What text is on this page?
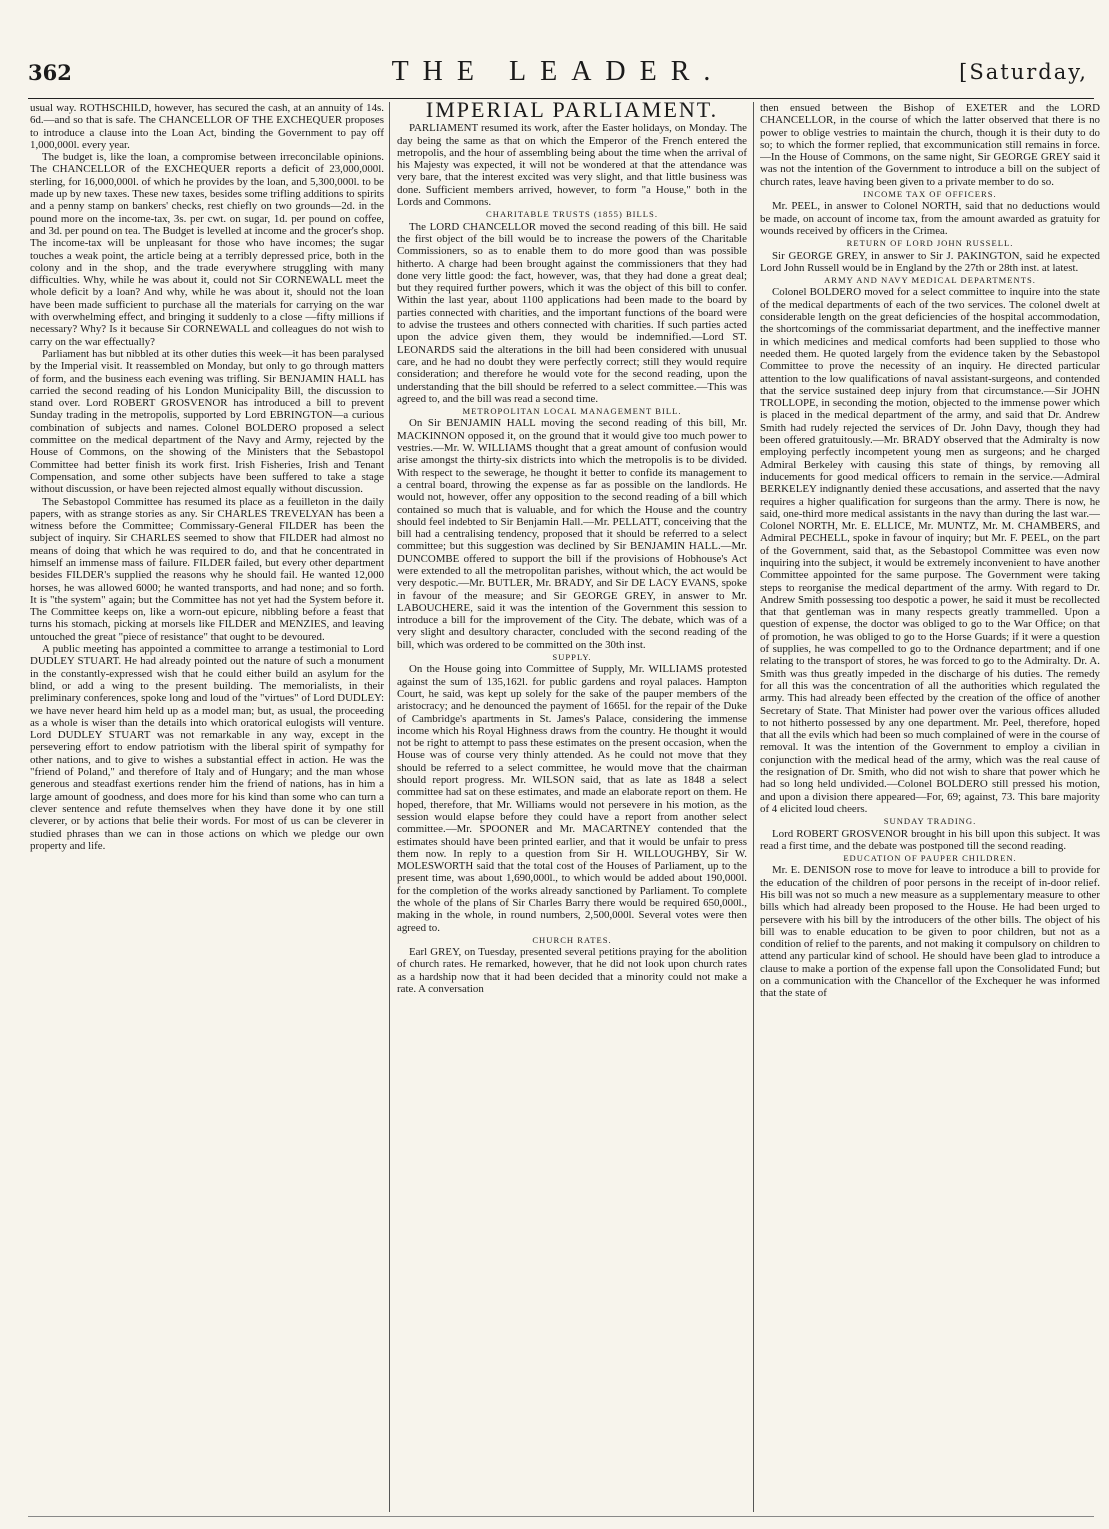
362	THE LEADER.	[Saturday,

usual way. ROTHSCHILD, however, has secured the cash, at an annuity of 14s. 6d.—and so that is safe. The CHANCELLOR OF THE EXCHEQUER proposes to introduce a clause into the Loan Act, binding the Government to pay off 1,000,000l. every year.

The budget is, like the loan, a compromise between irreconcilable opinions. The CHANCELLOR of the EXCHEQUER reports a deficit of 23,000,000l. sterling, for 16,000,000l. of which he provides by the loan, and 5,300,000l. to be made up by new taxes. These new taxes, besides some trifling additions to spirits and a penny stamp on bankers' checks, rest chiefly on two grounds—2d. in the pound more on the income-tax, 3s. per cwt. on sugar, 1d. per pound on coffee, and 3d. per pound on tea. The Budget is levelled at income and the grocer's shop. The income-tax will be unpleasant for those who have incomes; the sugar touches a weak point, the article being at a terribly depressed price, both in the colony and in the shop, and the trade everywhere struggling with many difficulties. Why, while he was about it, could not Sir CORNEWALL meet the whole deficit by a loan? And why, while he was about it, should not the loan have been made sufficient to purchase all the materials for carrying on the war with overwhelming effect, and bringing it suddenly to a close —fifty millions if necessary? Why? Is it because Sir CORNEWALL and colleagues do not wish to carry on the war effectually?

Parliament has but nibbled at its other duties this week—it has been paralysed by the Imperial visit. It reassembled on Monday, but only to go through matters of form, and the business each evening was trifling. Sir BENJAMIN HALL has carried the second reading of his London Municipality Bill, the discussion to stand over. Lord ROBERT GROSVENOR has introduced a bill to prevent Sunday trading in the metropolis, supported by Lord EBRINGTON—a curious combination of subjects and names. Colonel BOLDERO proposed a select committee on the medical department of the Navy and Army, rejected by the House of Commons, on the showing of the Ministers that the Sebastopol Committee had better finish its work first. Irish Fisheries, Irish and Tenant Compensation, and some other subjects have been suffered to take a stage without discussion, or have been rejected almost equally without discussion.

The Sebastopol Committee has resumed its place as a feuilleton in the daily papers, with as strange stories as any. Sir CHARLES TREVELYAN has been a witness before the Committee; Commissary-General FILDER has been the subject of inquiry. Sir CHARLES seemed to show that FILDER had almost no means of doing that which he was required to do, and that he concentrated in himself an immense mass of failure. FILDER failed, but every other department besides FILDER's supplied the reasons why he should fail. He wanted 12,000 horses, he was allowed 6000; he wanted transports, and had none; and so forth. It is "the system" again; but the Committee has not yet had the System before it. The Committee keeps on, like a worn-out epicure, nibbling before a feast that turns his stomach, picking at morsels like FILDER and MENZIES, and leaving untouched the great "piece of resistance" that ought to be devoured.

A public meeting has appointed a committee to arrange a testimonial to Lord DUDLEY STUART. He had already pointed out the nature of such a monument in the constantly-expressed wish that he could either build an asylum for the blind, or add a wing to the present building. The memorialists, in their preliminary conferences, spoke long and loud of the "virtues" of Lord DUDLEY: we have never heard him held up as a model man; but, as usual, the proceeding as a whole is wiser than the details into which oratorical eulogists will venture. Lord DUDLEY STUART was not remarkable in any way, except in the persevering effort to endow patriotism with the liberal spirit of sympathy for other nations, and to give to wishes a substantial effect in action. He was the "friend of Poland," and therefore of Italy and of Hungary; and the man whose generous and steadfast exertions render him the friend of nations, has in him a large amount of goodness, and does more for his kind than some who can turn a clever sentence and refute themselves when they have done it by one still cleverer, or by actions that belie their words. For most of us can be cleverer in studied phrases than we can in those actions on which we pledge our own property and life.

IMPERIAL PARLIAMENT.

PARLIAMENT resumed its work, after the Easter holidays, on Monday. The day being the same as that on which the Emperor of the French entered the metropolis, and the hour of assembling being about the time when the arrival of his Majesty was expected, it will not be wondered at that the attendance was very bare, that the interest excited was very slight, and that little business was done. Sufficient members arrived, however, to form "a House," both in the Lords and Commons.

CHARITABLE TRUSTS (1855) BILLS.

The LORD CHANCELLOR moved the second reading of this bill. He said the first object of the bill would be to increase the powers of the Charitable Commissioners, so as to enable them to do more good than was possible hitherto. A charge had been brought against the commissioners that they had done very little good: the fact, however, was, that they had done a great deal; but they required further powers, which it was the object of this bill to confer. Within the last year, about 1100 applications had been made to the board by parties connected with charities, and the important functions of the board were to advise the trustees and others connected with charities. If such parties acted upon the advice given them, they would be indemnified.—Lord ST. LEONARDS said the alterations in the bill had been considered with unusual care, and he had no doubt they were perfectly correct; still they would require consideration; and therefore he would vote for the second reading, upon the understanding that the bill should be referred to a select committee.—This was agreed to, and the bill was read a second time.

METROPOLITAN LOCAL MANAGEMENT BILL.

On Sir BENJAMIN HALL moving the second reading of this bill, Mr. MACKINNON opposed it, on the ground that it would give too much power to vestries.—Mr. W. WILLIAMS thought that a great amount of confusion would arise amongst the thirty-six districts into which the metropolis is to be divided. With respect to the sewerage, he thought it better to confide its management to a central board, throwing the expense as far as possible on the landlords. He would not, however, offer any opposition to the second reading of a bill which contained so much that is valuable, and for which the House and the country should feel indebted to Sir Benjamin Hall.—Mr. PELLATT, conceiving that the bill had a centralising tendency, proposed that it should be referred to a select committee; but this suggestion was declined by Sir BENJAMIN HALL.—Mr. DUNCOMBE offered to support the bill if the provisions of Hobhouse's Act were extended to all the metropolitan parishes, without which, the act would be very despotic.—Mr. BUTLER, Mr. BRADY, and Sir DE LACY EVANS, spoke in favour of the measure; and Sir GEORGE GREY, in answer to Mr. LABOUCHERE, said it was the intention of the Government this session to introduce a bill for the improvement of the City. The debate, which was of a very slight and desultory character, concluded with the second reading of the bill, which was ordered to be committed on the 30th inst.

SUPPLY.

On the House going into Committee of Supply, Mr. WILLIAMS protested against the sum of 135,162l. for public gardens and royal palaces. Hampton Court, he said, was kept up solely for the sake of the pauper members of the aristocracy; and he denounced the payment of 1665l. for the repair of the Duke of Cambridge's apartments in St. James's Palace, considering the immense income which his Royal Highness draws from the country. He thought it would not be right to attempt to pass these estimates on the present occasion, when the House was of course very thinly attended. As he could not move that they should be referred to a select committee, he would move that the chairman should report progress. Mr. WILSON said, that as late as 1848 a select committee had sat on these estimates, and made an elaborate report on them. He hoped, therefore, that Mr. Williams would not persevere in his motion, as the session would elapse before they could have a report from another select committee.—Mr. SPOONER and Mr. MACARTNEY contended that the estimates should have been printed earlier, and that it would be unfair to press them now. In reply to a question from Sir H. WILLOUGHBY, Sir W. MOLESWORTH said that the total cost of the Houses of Parliament, up to the present time, was about 1,690,000l., to which would be added about 190,000l. for the completion of the works already sanctioned by Parliament. To complete the whole of the plans of Sir Charles Barry there would be required 650,000l., making in the whole, in round numbers, 2,500,000l. Several votes were then agreed to.

CHURCH RATES.

Earl GREY, on Tuesday, presented several petitions praying for the abolition of church rates. He remarked, however, that he did not look upon church rates as a hardship now that it had been decided that a minority could not make a rate. A conversation

then ensued between the Bishop of EXETER and the LORD CHANCELLOR, in the course of which the latter observed that there is no power to oblige vestries to maintain the church, though it is their duty to do so; to which the former replied, that excommunication still remains in force.—In the House of Commons, on the same night, Sir GEORGE GREY said it was not the intention of the Government to introduce a bill on the subject of church rates, leave having been given to a private member to do so.

INCOME TAX OF OFFICERS.

Mr. PEEL, in answer to Colonel NORTH, said that no deductions would be made, on account of income tax, from the amount awarded as gratuity for wounds received by officers in the Crimea.

RETURN OF LORD JOHN RUSSELL.

Sir GEORGE GREY, in answer to Sir J. PAKINGTON, said he expected Lord John Russell would be in England by the 27th or 28th inst. at latest.

ARMY AND NAVY MEDICAL DEPARTMENTS.

Colonel BOLDERO moved for a select committee to inquire into the state of the medical departments of each of the two services. The colonel dwelt at considerable length on the great deficiencies of the hospital accommodation, the shortcomings of the commissariat department, and the ineffective manner in which medicines and medical comforts had been supplied to those who needed them. He quoted largely from the evidence taken by the Sebastopol Committee to prove the necessity of an inquiry. He directed particular attention to the low qualifications of naval assistant-surgeons, and contended that the service sustained deep injury from that circumstance.—Sir JOHN TROLLOPE, in seconding the motion, objected to the immense power which is placed in the medical department of the army, and said that Dr. Andrew Smith had rudely rejected the services of Dr. John Davy, though they had been offered gratuitously.—Mr. BRADY observed that the Admiralty is now employing perfectly incompetent young men as surgeons; and he charged Admiral Berkeley with causing this state of things, by removing all inducements for good medical officers to remain in the service.—Admiral BERKELEY indignantly denied these accusations, and asserted that the navy requires a higher qualification for surgeons than the army. There is now, he said, one-third more medical assistants in the navy than during the last war.—Colonel NORTH, Mr. E. ELLICE, Mr. MUNTZ, Mr. M. CHAMBERS, and Admiral PECHELL, spoke in favour of inquiry; but Mr. F. PEEL, on the part of the Government, said that, as the Sebastopol Committee was even now inquiring into the subject, it would be extremely inconvenient to have another Committee appointed for the same purpose. The Government were taking steps to reorganise the medical department of the army. With regard to Dr. Andrew Smith possessing too despotic a power, he said it must be recollected that that gentleman was in many respects greatly trammelled. Upon a question of expense, the doctor was obliged to go to the War Office; on that of promotion, he was obliged to go to the Horse Guards; if it were a question of supplies, he was compelled to go to the Ordnance department; and if one relating to the transport of stores, he was forced to go to the Admiralty. Dr. A. Smith was thus greatly impeded in the discharge of his duties. The remedy for all this was the concentration of all the authorities which regulated the army. This had already been effected by the creation of the office of another Secretary of State. That Minister had power over the various offices alluded to not hitherto possessed by any one department. Mr. Peel, therefore, hoped that all the evils which had been so much complained of were in the course of removal. It was the intention of the Government to employ a civilian in conjunction with the medical head of the army, which was the real cause of the resignation of Dr. Smith, who did not wish to share that power which he had so long held undivided.—Colonel BOLDERO still pressed his motion, and upon a division there appeared—For, 69; against, 73. This bare majority of 4 elicited loud cheers.

SUNDAY TRADING.

Lord ROBERT GROSVENOR brought in his bill upon this subject. It was read a first time, and the debate was postponed till the second reading.

EDUCATION OF PAUPER CHILDREN.

Mr. E. DENISON rose to move for leave to introduce a bill to provide for the education of the children of poor persons in the receipt of in-door relief. His bill was not so much a new measure as a supplementary measure to other bills which had already been proposed to the House. He had been urged to persevere with his bill by the introducers of the other bills. The object of his bill was to enable education to be given to poor children, but not as a condition of relief to the parents, and not making it compulsory on children to attend any particular kind of school. He should have been glad to introduce a clause to make a portion of the expense fall upon the Consolidated Fund; but on a communication with the Chancellor of the Exchequer he was informed that the state of
